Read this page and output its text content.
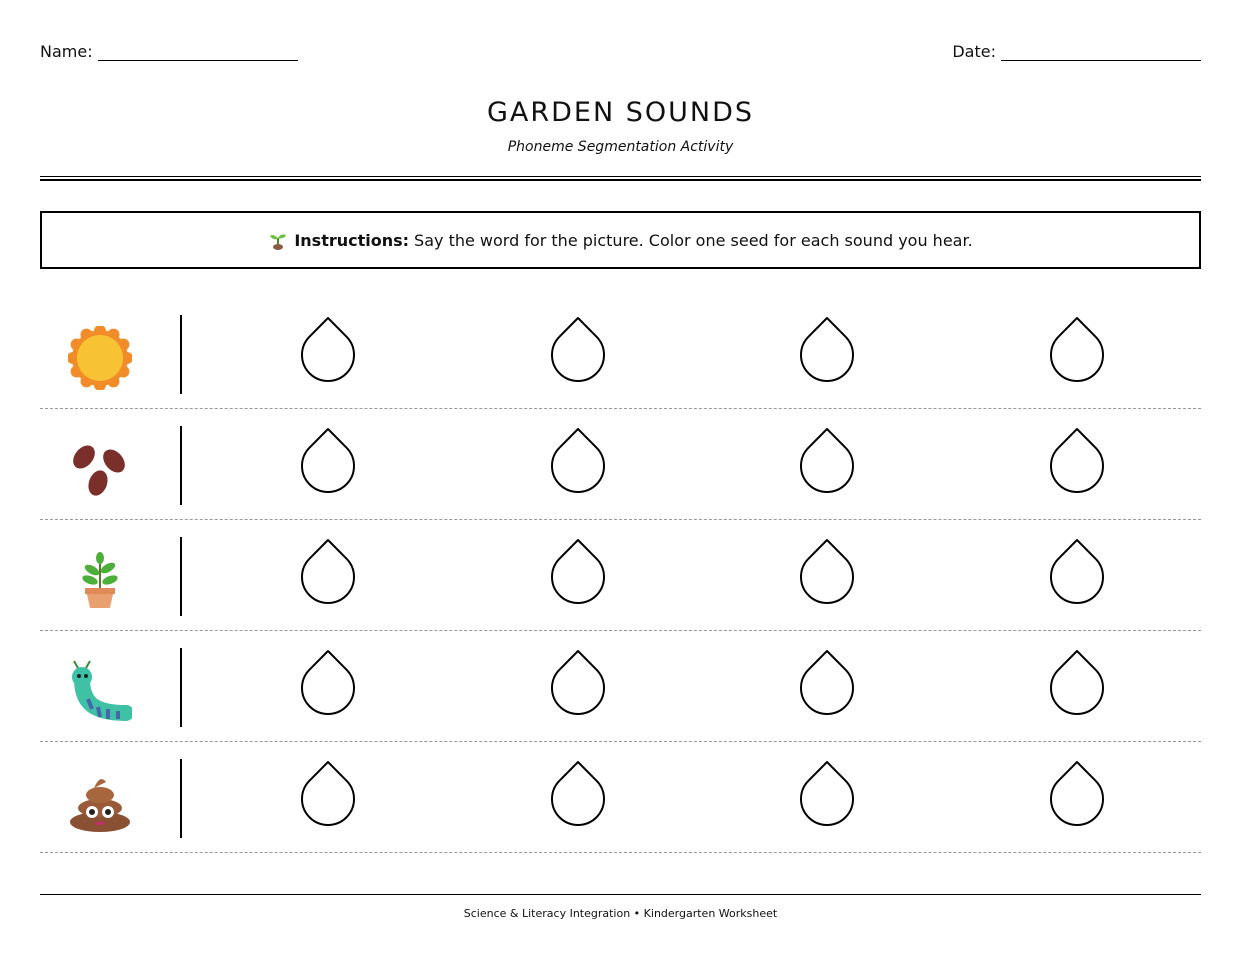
Name:	Date:
GARDEN SOUNDS
Phoneme Segmentation Activity
Instructions: Say the word for the picture. Color one seed for each sound you hear.
Science & Literacy Integration • Kindergarten Worksheet
